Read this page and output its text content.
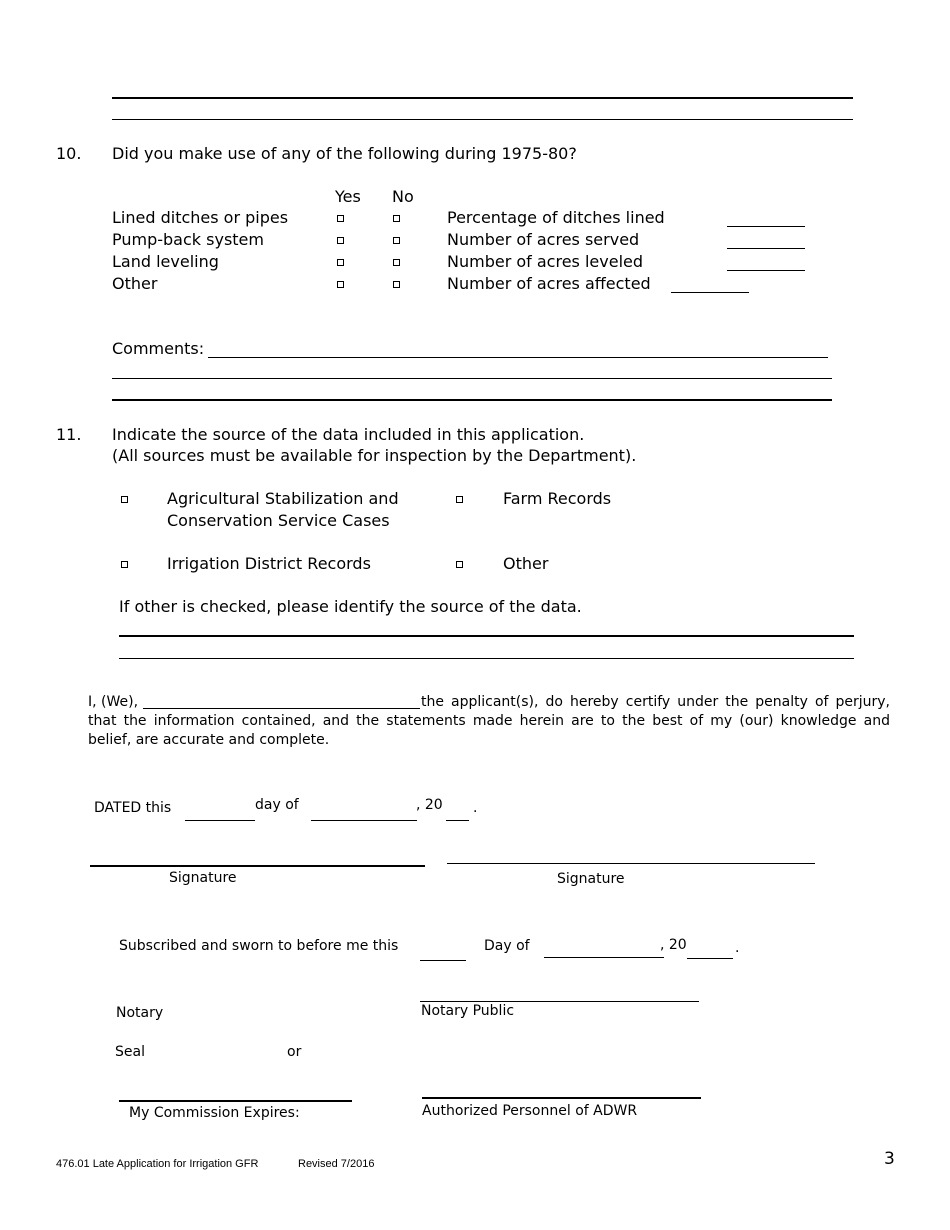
10. Did you make use of any of the following during 1975-80?
Yes No
Lined ditches or pipes	Percentage of ditches lined
Pump-back system	Number of acres served
Land leveling	Number of acres leveled
Other	Number of acres affected
Comments:
11. Indicate the source of the data included in this application.
(All sources must be available for inspection by the Department).
Agricultural Stabilization and
Conservation Service Cases
Farm Records
Irrigation District Records	Other
If other is checked, please identify the source of the data.
I, (We),	the applicant(s), do hereby certify under the penalty of perjury,
that the information contained, and the statements made herein are to the best of my (our) knowledge and
belief, are accurate and complete.
DATED this	day of	, 20 .
Signature	Signature
Subscribed and sworn to before me this	Day of	, 20	.
Notary	Notary Public
Seal	or
My Commission Expires:	Authorized Personnel of ADWR
476.01 Late Application for Irrigation GFR	Revised 7/2016	3
